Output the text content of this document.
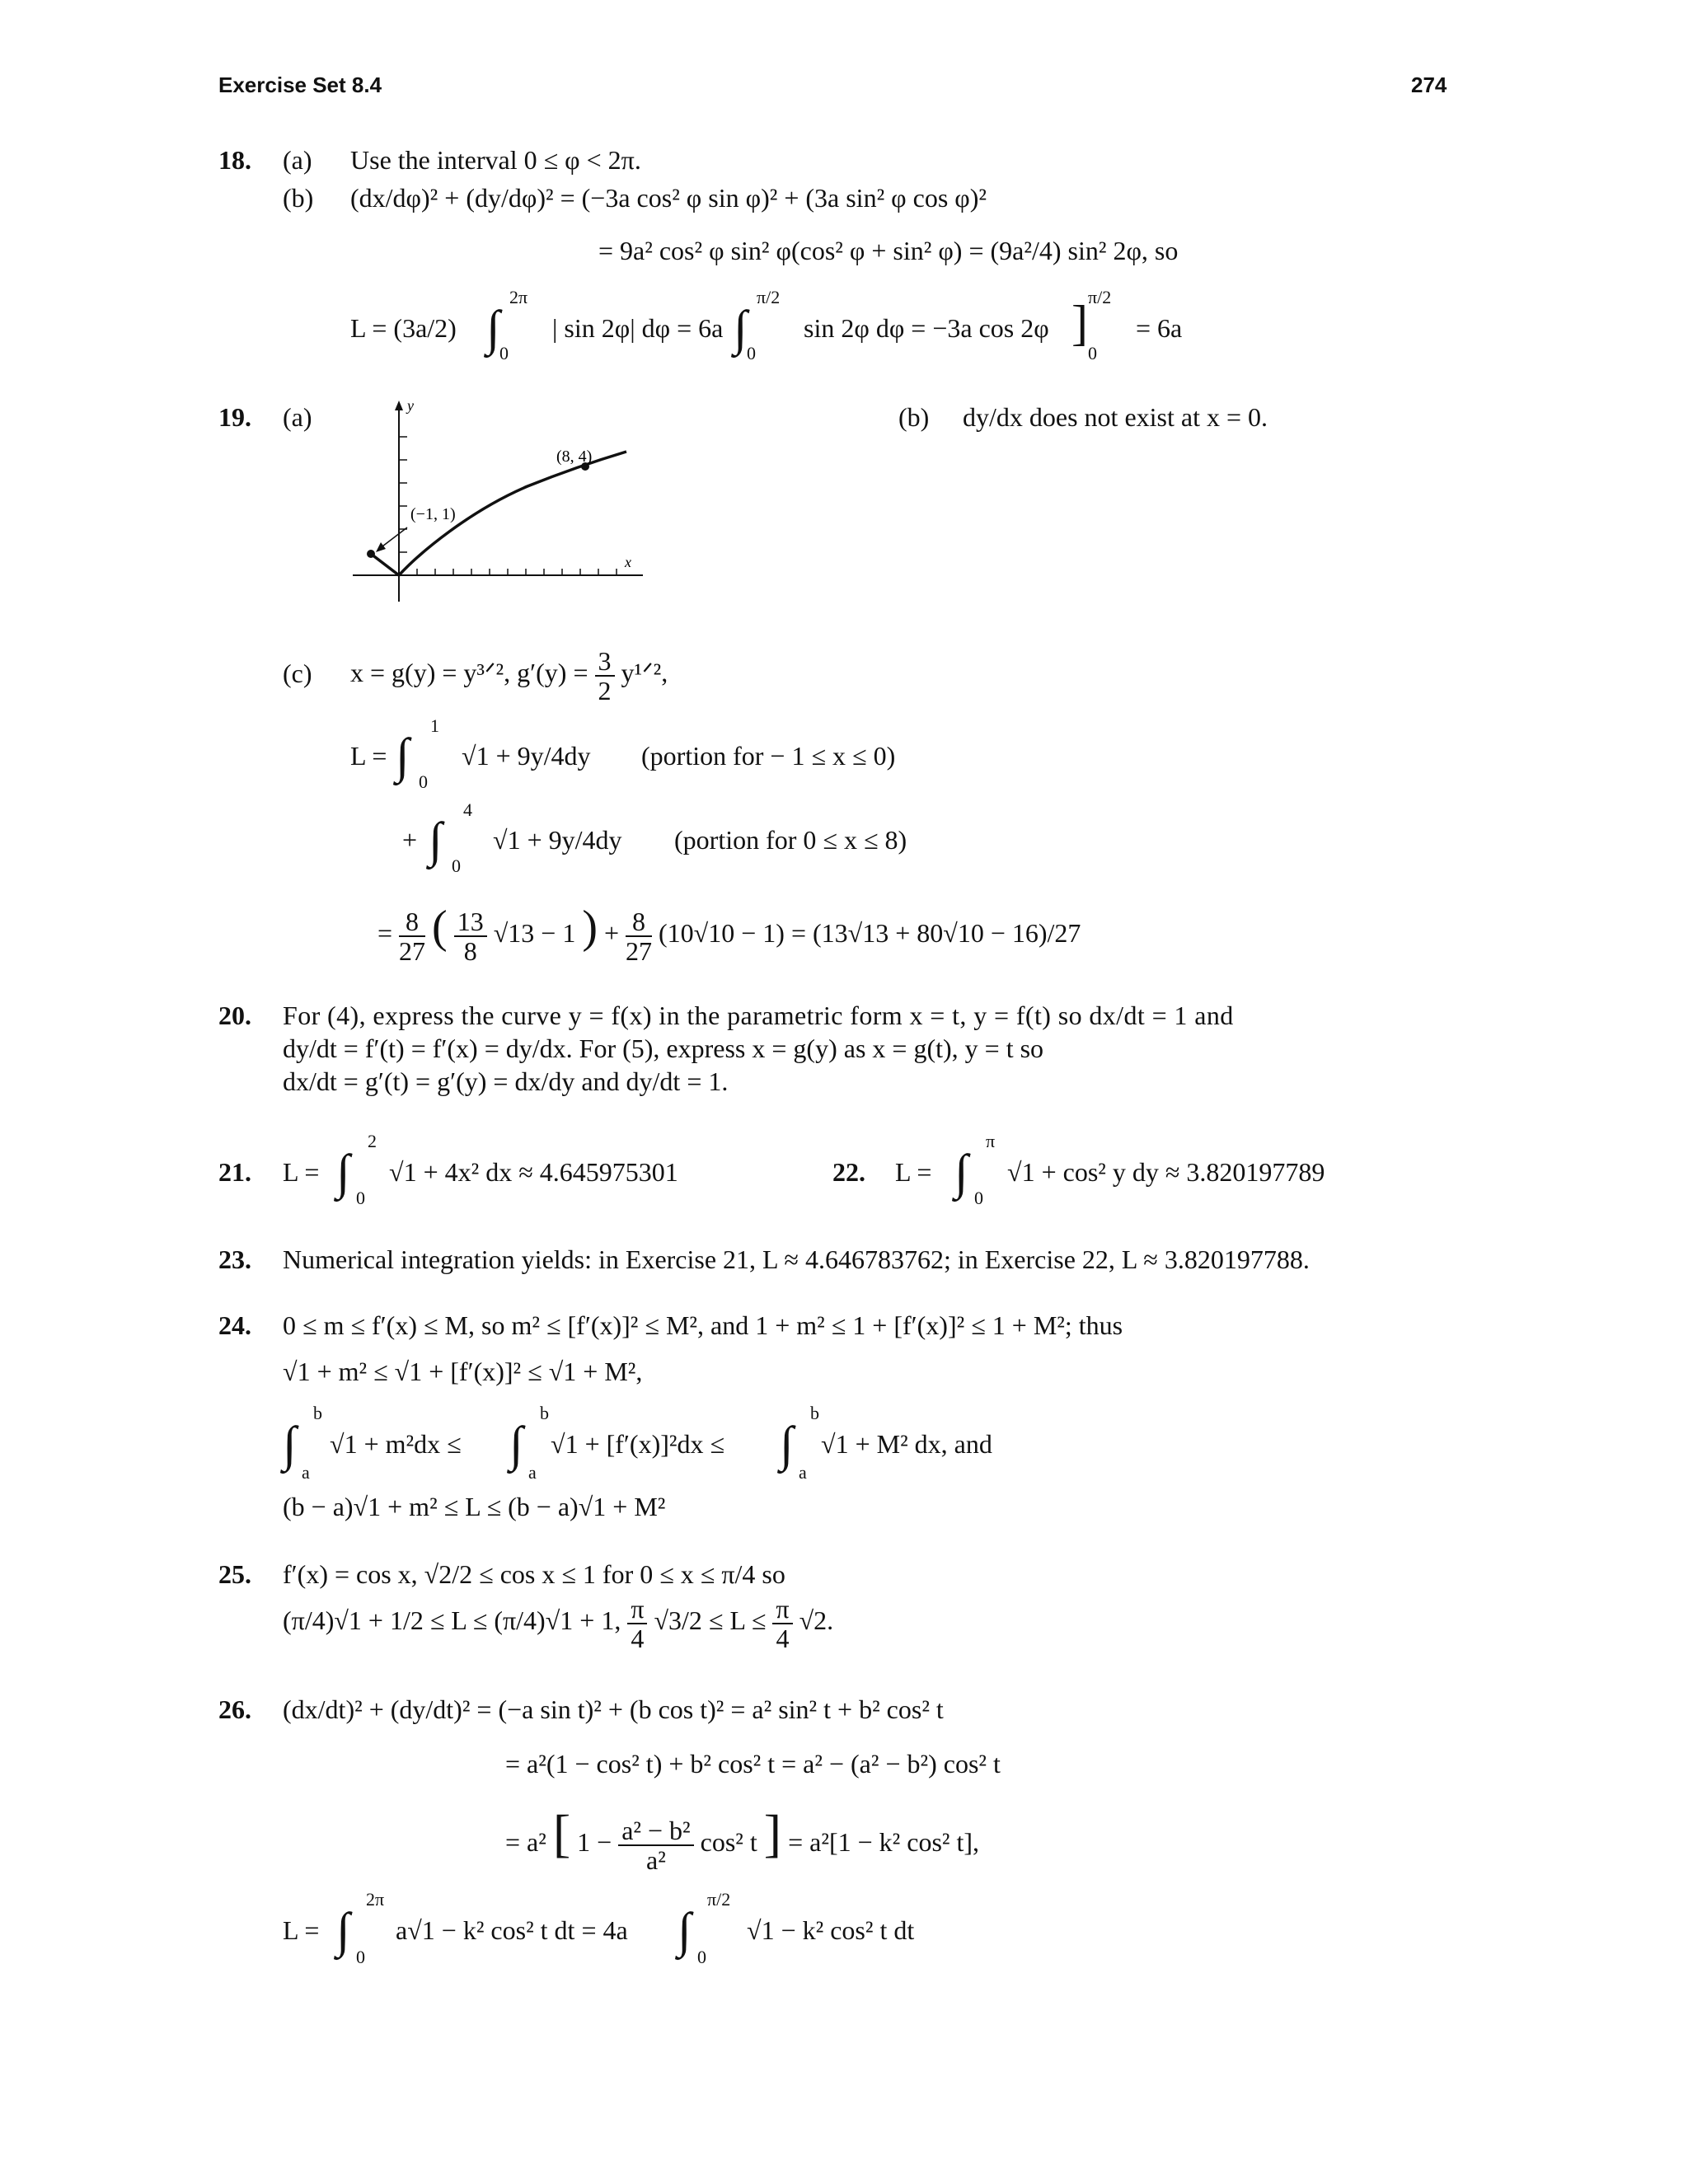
Exercise Set 8.4	274
18. (a) Use the interval 0 ≤ φ < 2π.
(b) (dx/dφ)² + (dy/dφ)² = (−3a cos² φ sin φ)² + (3a sin² φ cos φ)²
= 9a² cos² φ sin² φ(cos² φ + sin² φ) = (9a²/4) sin² 2φ, so
L = (3a/2) ∫
2π
0
| sin 2φ| dφ = 6a ∫
π/2
0
sin 2φ dφ = −3a cos 2φ ] π/2
0
= 6a
19. (a)	(b) dy/dx does not exist at x = 0.
y
x
(8, 4)
(−1, 1)
(c) x = g(y) = y³ᐟ², $g'(y) = \frac{3}{2}$ y¹ᐟ²,
L = ∫
1
0
√1 + 9y/4dy (portion for − 1 ≤ x ≤ 0)
+ ∫
4
0
√1 + 9y/4dy (portion for 0 ≤ x ≤ 8)
= $\frac{8}{27}$ ( $\frac{13}{8} √13 - 1$ ) + $\frac{8}{27} (10√10 - 1) = (13√13 + 80√10 - 16)/27$
20. For (4), express the curve y = f(x) in the parametric form x = t, y = f(t) so dx/dt = 1 and
dy/dt = f′(t) = f′(x) = dy/dx. For (5), express x = g(y) as x = g(t), y = t so
dx/dt = g′(t) = g′(y) = dx/dy and dy/dt = 1.
21. L = ∫
2
0
√1 + 4x² dx ≈ 4.645975301	22. L = ∫
π
0
√1 + cos² y dy ≈ 3.820197789
23. Numerical integration yields: in Exercise 21, L ≈ 4.646783762; in Exercise 22, L ≈ 3.820197788.
24. 0 ≤ m ≤ f′(x) ≤ M, so m² ≤ [f′(x)]² ≤ M², and 1 + m² ≤ 1 + [f′(x)]² ≤ 1 + M²; thus
√1 + m² ≤ √1 + [f′(x)]² ≤ √1 + M²,
∫
b
a
√1 + m²dx ≤ ∫
b
a
√1 + [f′(x)]²dx ≤ ∫
b
a
√1 + M² dx, and
(b − a)√1 + m² ≤ L ≤ (b − a)√1 + M²
25. f′(x) = cos x, √2/2 ≤ cos x ≤ 1 for 0 ≤ x ≤ π/4 so
(π/4)√1 + 1/2 ≤ L ≤ (π/4)√1 + 1, $\frac{\pi}{4} √3/2 \le L \le \frac{\pi}{4} √2$.
26. (dx/dt)² + (dy/dt)² = (−a sin t)² + (b cos t)² = a² sin² t + b² cos² t
= a²(1 − cos² t) + b² cos² t = a² − (a² − b²) cos² t
= a² [ $1 - \frac{\text{a² − b²}}{\text{a²}} \cos^2$ t ] = a²[1 − k² cos² t],
L = ∫
2π
0
a√1 − k² cos² t dt = 4a ∫
π/2
0
√1 − k² cos² t dt
